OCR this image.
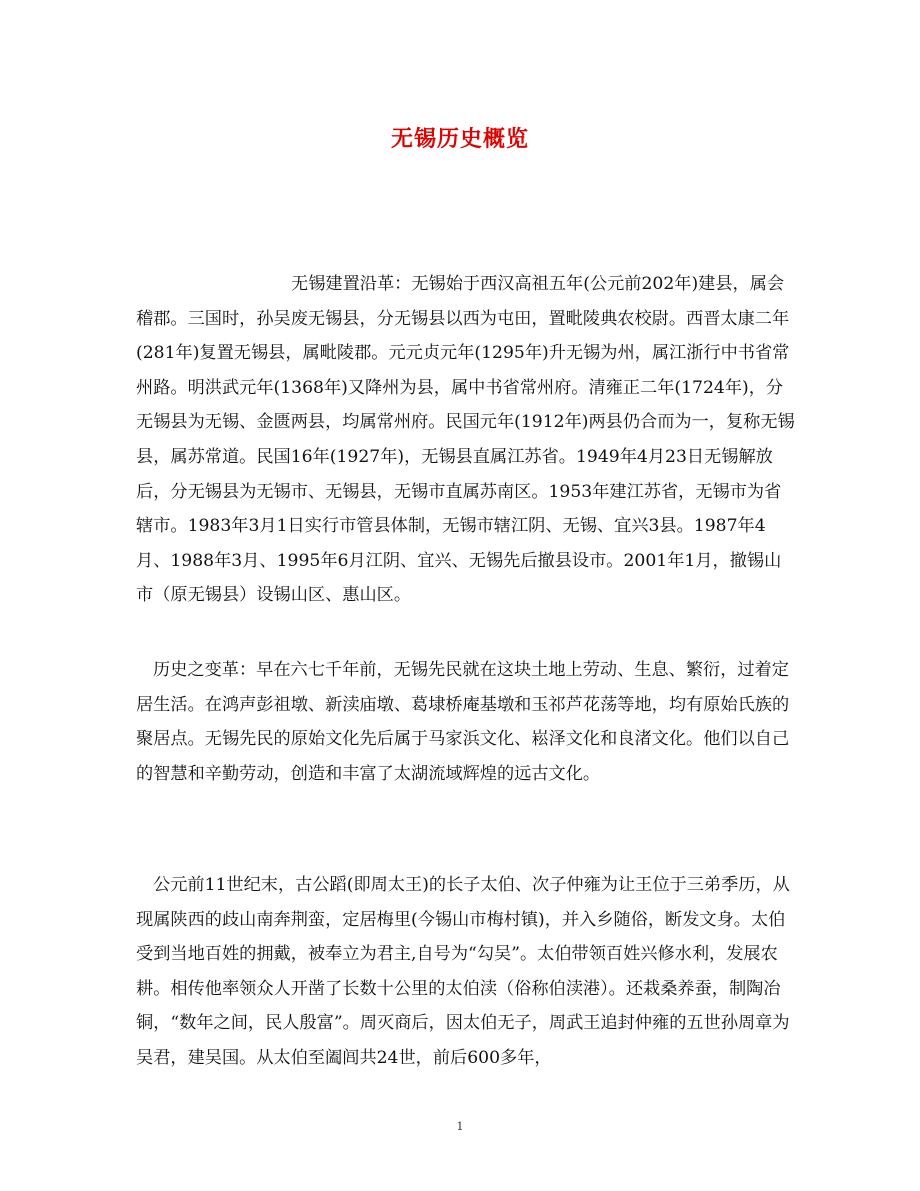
无锡历史概览

无锡建置沿革：无锡始于西汉高祖五年(公元前202年)建县，属会稽郡。三国时，孙吴废无锡县，分无锡县以西为屯田，置毗陵典农校尉。西晋太康二年(281年)复置无锡县，属毗陵郡。元元贞元年(1295年)升无锡为州，属江浙行中书省常州路。明洪武元年(1368年)又降州为县，属中书省常州府。清雍正二年(1724年)，分无锡县为无锡、金匮两县，均属常州府。民国元年(1912年)两县仍合而为一，复称无锡县，属苏常道。民国16年(1927年)，无锡县直属江苏省。1949年4月23日无锡解放后，分无锡县为无锡市、无锡县，无锡市直属苏南区。1953年建江苏省，无锡市为省辖市。1983年3月1日实行市管县体制，无锡市辖江阴、无锡、宜兴3县。1987年4月、1988年3月、1995年6月江阴、宜兴、无锡先后撤县设市。2001年1月，撤锡山市（原无锡县）设锡山区、惠山区。

历史之变革：早在六七千年前，无锡先民就在这块土地上劳动、生息、繁衍，过着定居生活。在鸿声彭祖墩、新渎庙墩、葛埭桥庵基墩和玉祁芦花荡等地，均有原始氏族的聚居点。无锡先民的原始文化先后属于马家浜文化、崧泽文化和良渚文化。他们以自己的智慧和辛勤劳动，创造和丰富了太湖流域辉煌的远古文化。

公元前11世纪末，古公蹈(即周太王)的长子太伯、次子仲雍为让王位于三弟季历，从现属陕西的歧山南奔荆蛮，定居梅里(今锡山市梅村镇)，并入乡随俗，断发文身。太伯受到当地百姓的拥戴，被奉立为君主,自号为“勾吴”。太伯带领百姓兴修水利，发展农耕。相传他率领众人开凿了长数十公里的太伯渎（俗称伯渎港）。还栽桑养蚕，制陶冶铜，“数年之间，民人殷富”。周灭商后，因太伯无子，周武王追封仲雍的五世孙周章为吴君，建吴国。从太伯至阖闾共24世，前后600多年，

1
